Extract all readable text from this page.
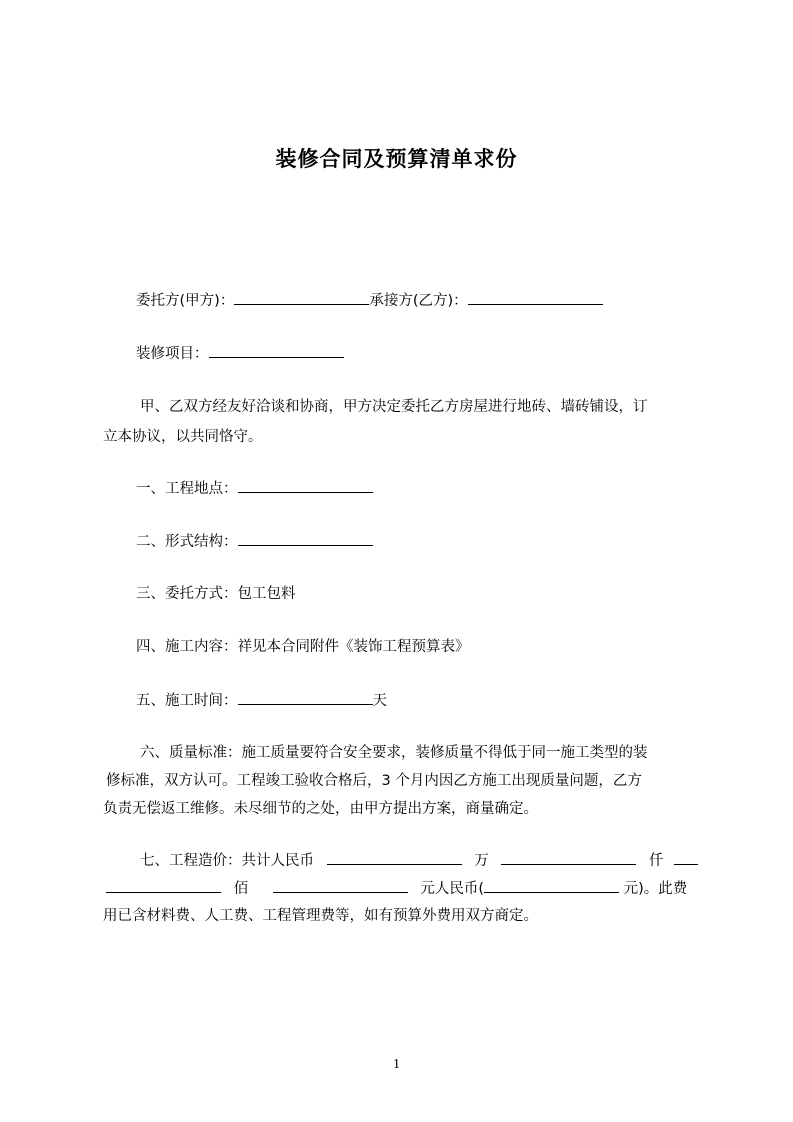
装修合同及预算清单求份
委托方(甲方)：	承接方(乙方)：
装修项目：
甲、乙双方经友好洽谈和协商，甲方决定委托乙方房屋进行地砖、墙砖铺设，订
立本协议，以共同恪守。
一、工程地点：
二、形式结构：
三、委托方式：包工包料
四、施工内容：祥见本合同附件《装饰工程预算表》
五、施工时间：	天
六、质量标准：施工质量要符合安全要求，装修质量不得低于同一施工类型的装
修标准，双方认可。工程竣工验收合格后，3 个月内因乙方施工出现质量问题，乙方
负责无偿返工维修。未尽细节的之处，由甲方提出方案，商量确定。
七、工程造价：共计人民币	万	仟
佰	元人民币(	元)。此费
用已含材料费、人工费、工程管理费等，如有预算外费用双方商定。
1
